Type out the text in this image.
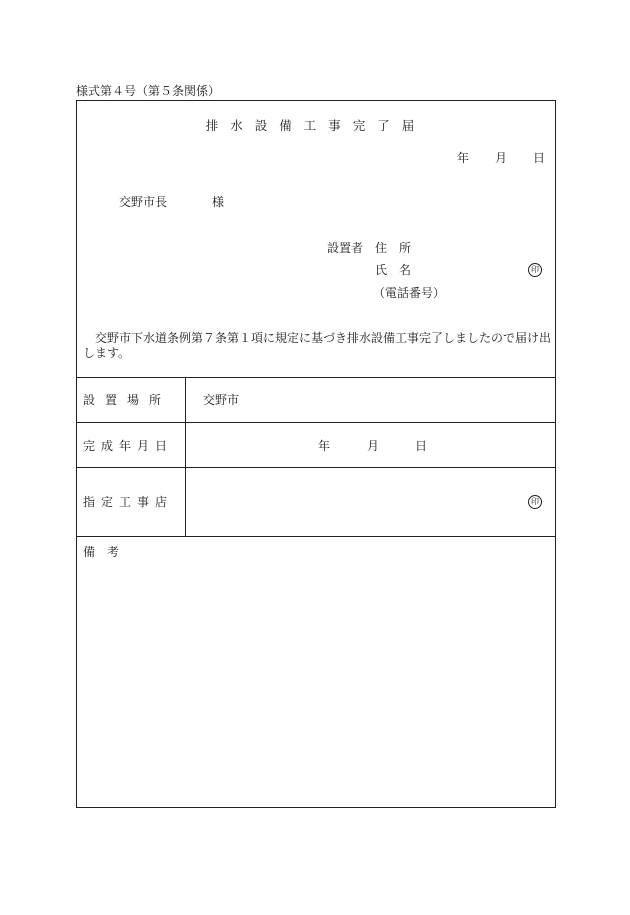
様式第４号（第５条関係）
排水設備工事完了届
年 月 日
交野市長	様
設置者 住　所
氏　名	印
（電話番号）
交野市下水道条例第７条第１項に規定に基づき排水設備工事完了しましたので届け出します。
設置場所	交野市
完成年月日	年	月	日
指定工事店	印
備　考
